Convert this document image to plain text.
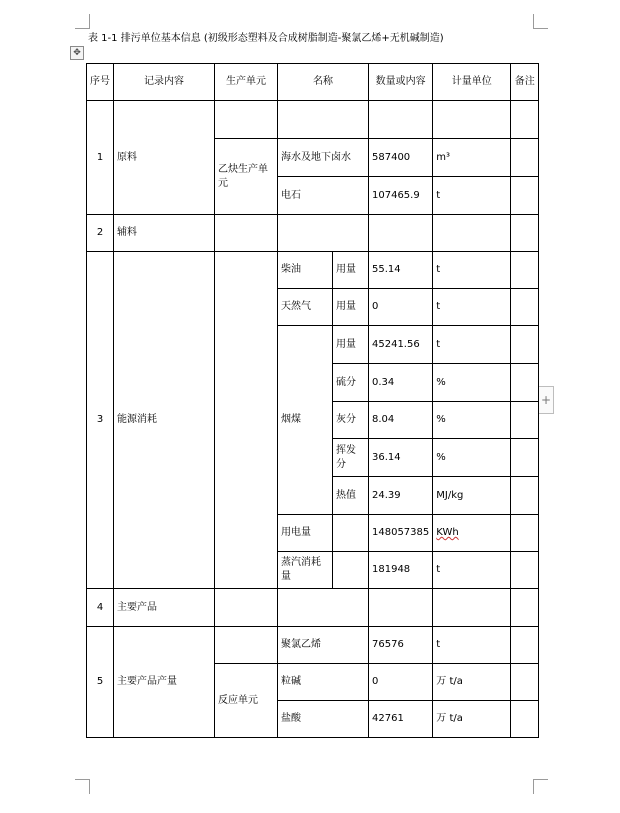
✥
+
表 1-1 排污单位基本信息 (初级形态塑料及合成树脂制造-聚氯乙烯+无机碱制造)
序号	记录内容	生产单元	名称		数量或内容	计量单位	备注
1	原料						
		乙炔生产单元	海水及地下卤水		587400	m³	
			电石		107465.9	t	
2	辅料						
3	能源消耗		柴油	用量	55.14	t	
			天然气	用量	0	t	
			烟煤	用量	45241.56	t	
				硫分	0.34	%	
				灰分	8.04	%	
				挥发分	36.14	%	
				热值	24.39	MJ/kg	
			用电量		148057385	KWh	
			蒸汽消耗量		181948	t	
4	主要产品						
5	主要产品产量		聚氯乙烯		76576	t	
		反应单元	粒碱		0	万 t/a	
			盐酸		42761	万 t/a	
